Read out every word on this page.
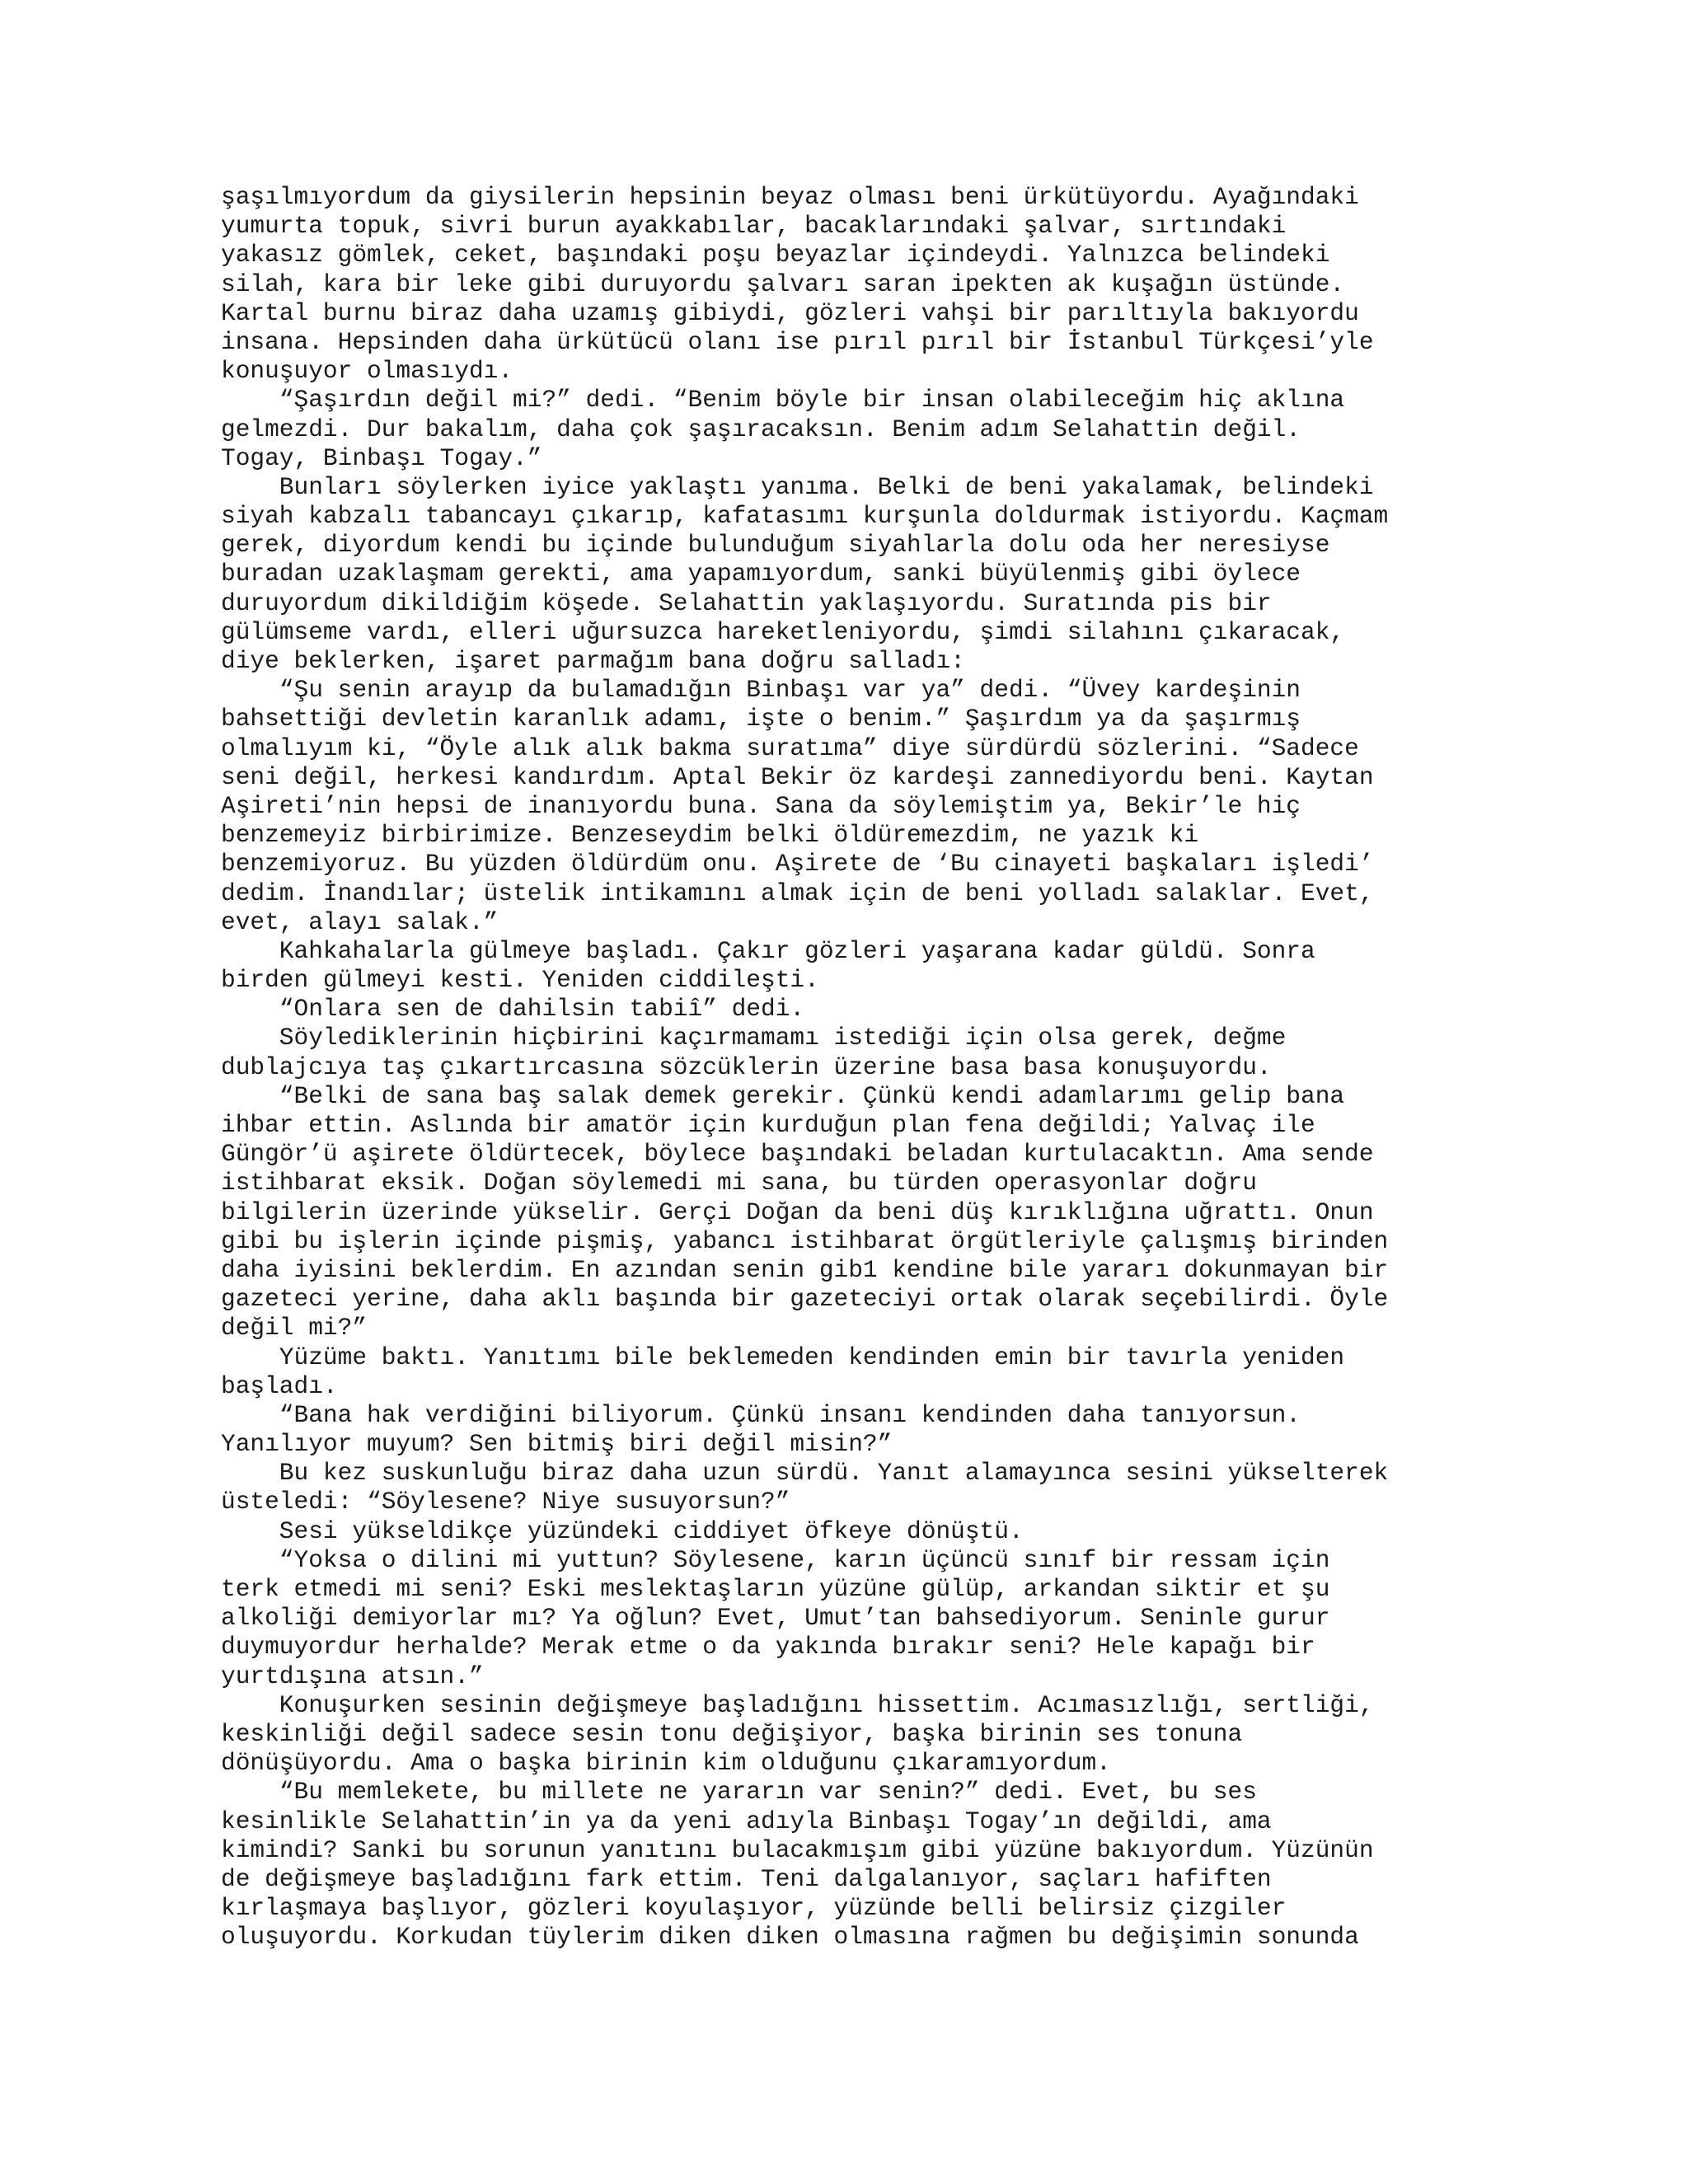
şaşılmıyordum da giysilerin hepsinin beyaz olması beni ürkütüyordu. Ayağındaki
yumurta topuk, sivri burun ayakkabılar, bacaklarındaki şalvar, sırtındaki
yakasız gömlek, ceket, başındaki poşu beyazlar içindeydi. Yalnızca belindeki
silah, kara bir leke gibi duruyordu şalvarı saran ipekten ak kuşağın üstünde.
Kartal burnu biraz daha uzamış gibiydi, gözleri vahşi bir parıltıyla bakıyordu
insana. Hepsinden daha ürkütücü olanı ise pırıl pırıl bir İstanbul Türkçesi’yle
konuşuyor olmasıydı.
“Şaşırdın değil mi?” dedi. “Benim böyle bir insan olabileceğim hiç aklına
gelmezdi. Dur bakalım, daha çok şaşıracaksın. Benim adım Selahattin değil.
Togay, Binbaşı Togay.”
Bunları söylerken iyice yaklaştı yanıma. Belki de beni yakalamak, belindeki
siyah kabzalı tabancayı çıkarıp, kafatasımı kurşunla doldurmak istiyordu. Kaçmam
gerek, diyordum kendi bu içinde bulunduğum siyahlarla dolu oda her neresiyse
buradan uzaklaşmam gerekti, ama yapamıyordum, sanki büyülenmiş gibi öylece
duruyordum dikildiğim köşede. Selahattin yaklaşıyordu. Suratında pis bir
gülümseme vardı, elleri uğursuzca hareketleniyordu, şimdi silahını çıkaracak,
diye beklerken, işaret parmağım bana doğru salladı:
“Şu senin arayıp da bulamadığın Binbaşı var ya” dedi. “Üvey kardeşinin
bahsettiği devletin karanlık adamı, işte o benim.” Şaşırdım ya da şaşırmış
olmalıyım ki, “Öyle alık alık bakma suratıma” diye sürdürdü sözlerini. “Sadece
seni değil, herkesi kandırdım. Aptal Bekir öz kardeşi zannediyordu beni. Kaytan
Aşireti’nin hepsi de inanıyordu buna. Sana da söylemiştim ya, Bekir’le hiç
benzemeyiz birbirimize. Benzeseydim belki öldüremezdim, ne yazık ki
benzemiyoruz. Bu yüzden öldürdüm onu. Aşirete de ‘Bu cinayeti başkaları işledi’
dedim. İnandılar; üstelik intikamını almak için de beni yolladı salaklar. Evet,
evet, alayı salak.”
Kahkahalarla gülmeye başladı. Çakır gözleri yaşarana kadar güldü. Sonra
birden gülmeyi kesti. Yeniden ciddileşti.
“Onlara sen de dahilsin tabiî” dedi.
Söylediklerinin hiçbirini kaçırmamamı istediği için olsa gerek, değme
dublajcıya taş çıkartırcasına sözcüklerin üzerine basa basa konuşuyordu.
“Belki de sana baş salak demek gerekir. Çünkü kendi adamlarımı gelip bana
ihbar ettin. Aslında bir amatör için kurduğun plan fena değildi; Yalvaç ile
Güngör’ü aşirete öldürtecek, böylece başındaki beladan kurtulacaktın. Ama sende
istihbarat eksik. Doğan söylemedi mi sana, bu türden operasyonlar doğru
bilgilerin üzerinde yükselir. Gerçi Doğan da beni düş kırıklığına uğrattı. Onun
gibi bu işlerin içinde pişmiş, yabancı istihbarat örgütleriyle çalışmış birinden
daha iyisini beklerdim. En azından senin gib1 kendine bile yararı dokunmayan bir
gazeteci yerine, daha aklı başında bir gazeteciyi ortak olarak seçebilirdi. Öyle
değil mi?”
Yüzüme baktı. Yanıtımı bile beklemeden kendinden emin bir tavırla yeniden
başladı.
“Bana hak verdiğini biliyorum. Çünkü insanı kendinden daha tanıyorsun.
Yanılıyor muyum? Sen bitmiş biri değil misin?”
Bu kez suskunluğu biraz daha uzun sürdü. Yanıt alamayınca sesini yükselterek
üsteledi: “Söylesene? Niye susuyorsun?”
Sesi yükseldikçe yüzündeki ciddiyet öfkeye dönüştü.
“Yoksa o dilini mi yuttun? Söylesene, karın üçüncü sınıf bir ressam için
terk etmedi mi seni? Eski meslektaşların yüzüne gülüp, arkandan siktir et şu
alkoliği demiyorlar mı? Ya oğlun? Evet, Umut’tan bahsediyorum. Seninle gurur
duymuyordur herhalde? Merak etme o da yakında bırakır seni? Hele kapağı bir
yurtdışına atsın.”
Konuşurken sesinin değişmeye başladığını hissettim. Acımasızlığı, sertliği,
keskinliği değil sadece sesin tonu değişiyor, başka birinin ses tonuna
dönüşüyordu. Ama o başka birinin kim olduğunu çıkaramıyordum.
“Bu memlekete, bu millete ne yararın var senin?” dedi. Evet, bu ses
kesinlikle Selahattin’in ya da yeni adıyla Binbaşı Togay’ın değildi, ama
kimindi? Sanki bu sorunun yanıtını bulacakmışım gibi yüzüne bakıyordum. Yüzünün
de değişmeye başladığını fark ettim. Teni dalgalanıyor, saçları hafiften
kırlaşmaya başlıyor, gözleri koyulaşıyor, yüzünde belli belirsiz çizgiler
oluşuyordu. Korkudan tüylerim diken diken olmasına rağmen bu değişimin sonunda
